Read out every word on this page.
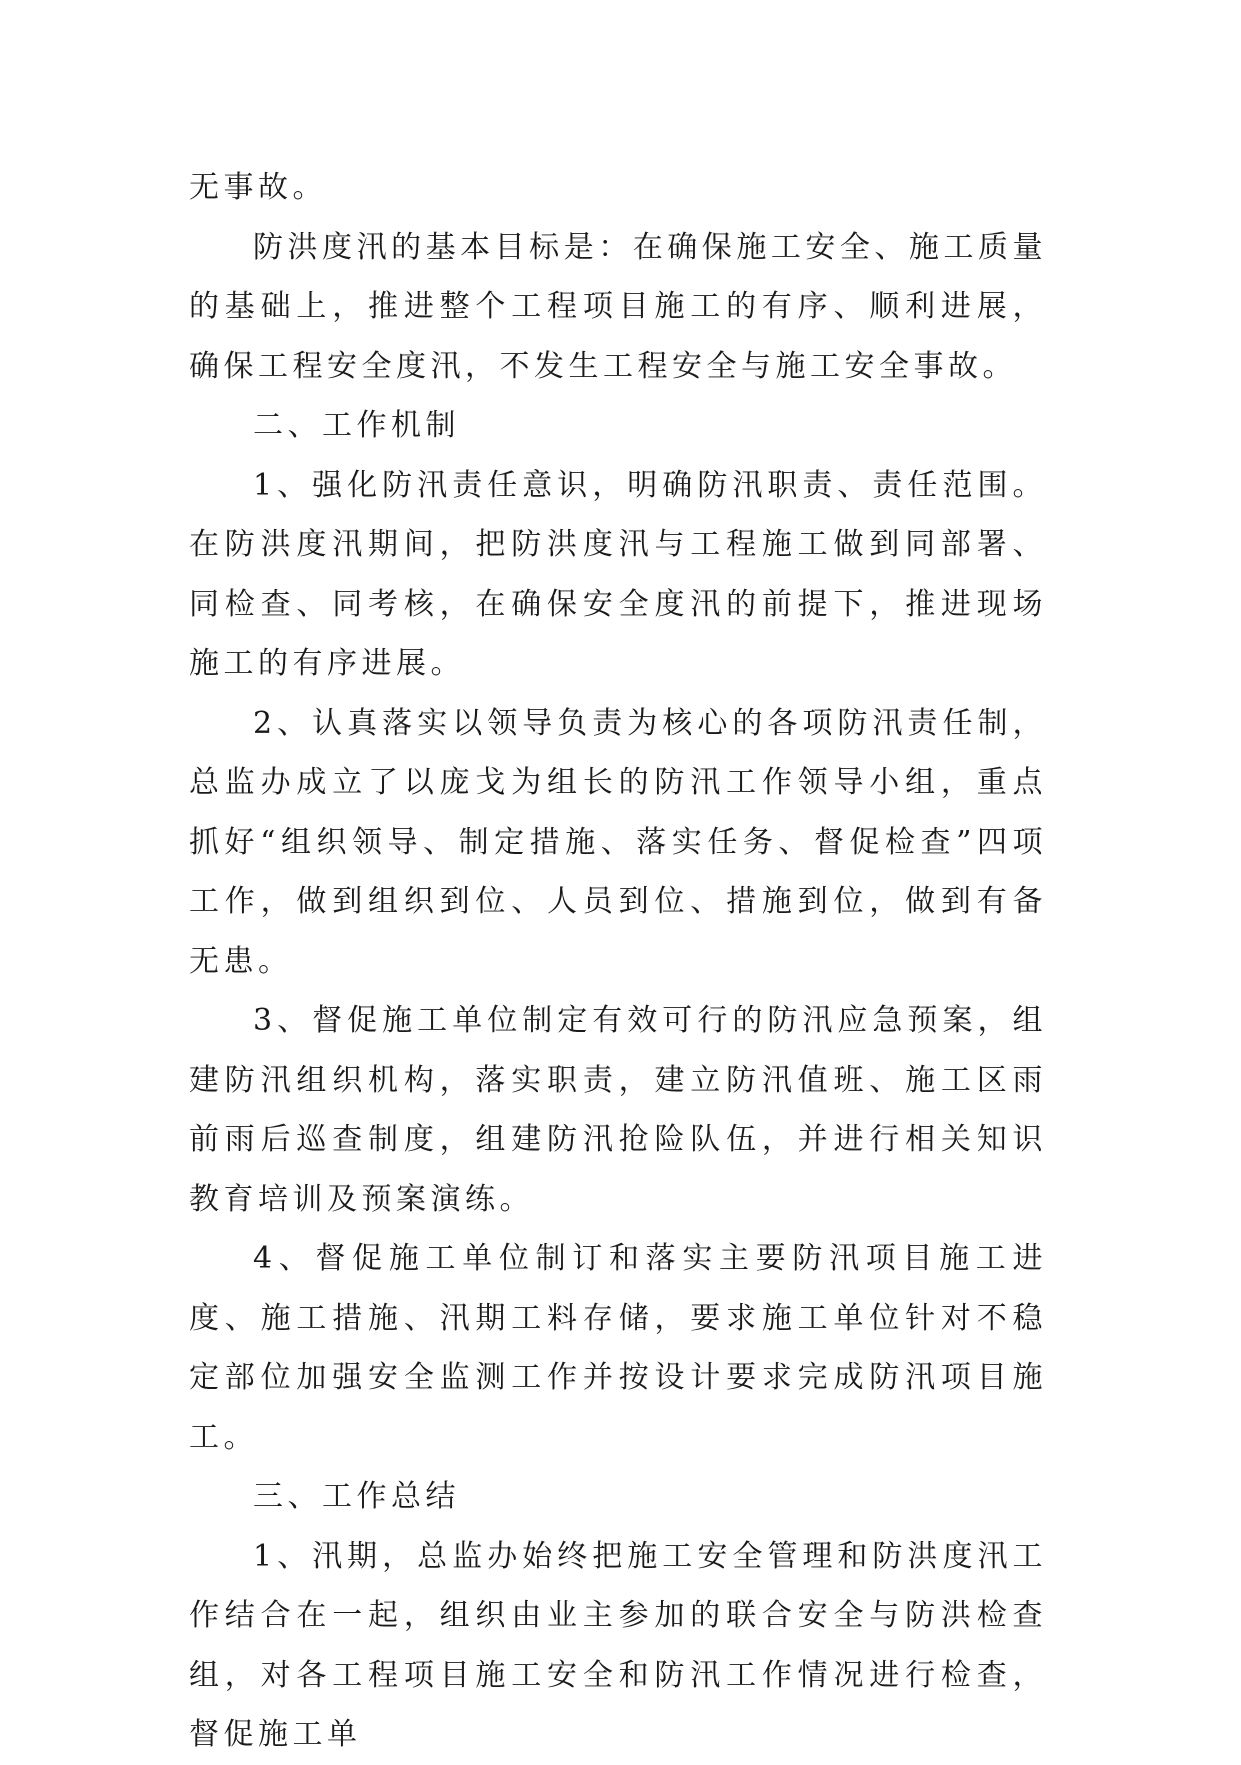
无事故。

防洪度汛的基本目标是：在确保施工安全、施工质量的基础上，推进整个工程项目施工的有序、顺利进展，确保工程安全度汛，不发生工程安全与施工安全事故。

二、工作机制

1、强化防汛责任意识，明确防汛职责、责任范围。在防洪度汛期间，把防洪度汛与工程施工做到同部署、同检查、同考核，在确保安全度汛的前提下，推进现场施工的有序进展。

2、认真落实以领导负责为核心的各项防汛责任制，总监办成立了以庞戈为组长的防汛工作领导小组，重点抓好“组织领导、制定措施、落实任务、督促检查”四项工作，做到组织到位、人员到位、措施到位，做到有备无患。

3、督促施工单位制定有效可行的防汛应急预案，组建防汛组织机构，落实职责，建立防汛值班、施工区雨前雨后巡查制度，组建防汛抢险队伍，并进行相关知识教育培训及预案演练。

4、督促施工单位制订和落实主要防汛项目施工进度、施工措施、汛期工料存储，要求施工单位针对不稳定部位加强安全监测工作并按设计要求完成防汛项目施工。

三、工作总结

1、汛期，总监办始终把施工安全管理和防洪度汛工作结合在一起，组织由业主参加的联合安全与防洪检查组，对各工程项目施工安全和防汛工作情况进行检查，督促施工单
